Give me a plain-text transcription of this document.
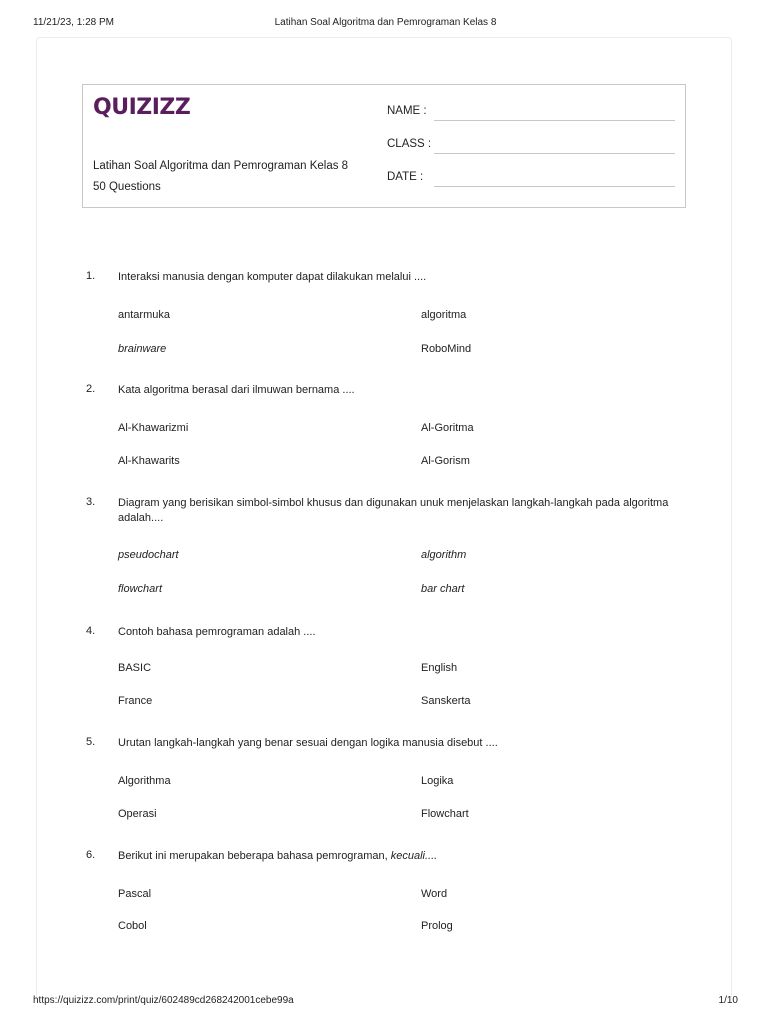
11/21/23, 1:28 PM	Latihan Soal Algoritma dan Pemrograman Kelas 8
QUIZIZZ
Latihan Soal Algoritma dan Pemrograman Kelas 8
50 Questions
NAME :
CLASS :
DATE :
1. Interaksi manusia dengan komputer dapat dilakukan melalui ....
antarmuka	algoritma
brainware	RoboMind
2. Kata algoritma berasal dari ilmuwan bernama ....
Al-Khawarizmi	Al-Goritma
Al-Khawarits	Al-Gorism
3. Diagram yang berisikan simbol-simbol khusus dan digunakan unuk menjelaskan langkah-langkah pada algoritma adalah....
pseudochart	algorithm
flowchart	bar chart
4. Contoh bahasa pemrograman adalah ....
BASIC	English
France	Sanskerta
5. Urutan langkah-langkah yang benar sesuai dengan logika manusia disebut ....
Algorithma	Logika
Operasi	Flowchart
6. Berikut ini merupakan beberapa bahasa pemrograman, kecuali....
Pascal	Word
Cobol	Prolog
https://quizizz.com/print/quiz/602489cd268242001cebe99a	1/10
